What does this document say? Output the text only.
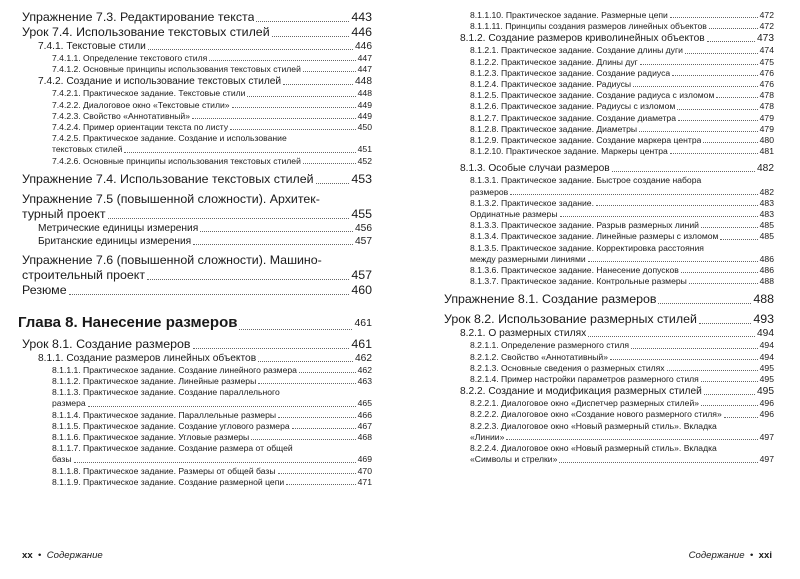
Упражнение 7.3. Редактирование текста	443
Урок 7.4. Использование текстовых стилей	446
7.4.1. Текстовые стили	446
7.4.1.1. Определение текстового стиля	447
7.4.1.2. Основные принципы использования текстовых стилей	447
7.4.2. Создание и использование текстовых стилей	448
7.4.2.1. Практическое задание. Текстовые стили	448
7.4.2.2. Диалоговое окно «Текстовые стили»	449
7.4.2.3. Свойство «Аннотативный»	449
7.4.2.4. Пример ориентации текста по листу	450
7.4.2.5. Практическое задание. Создание и использование
текстовых стилей	451
7.4.2.6. Основные принципы использования текстовых стилей	452
Упражнение 7.4. Использование текстовых стилей	453
Упражнение 7.5 (повышенной сложности). Архитек-
турный проект	455
Метрические единицы измерения	456
Британские единицы измерения	457
Упражнение 7.6 (повышенной сложности). Машино-
строительный проект	457
Резюме	460
Глава 8. Нанесение размеров	461
Урок 8.1. Создание размеров	461
8.1.1. Создание размеров линейных объектов	462
8.1.1.1. Практическое задание. Создание линейного размера	462
8.1.1.2. Практическое задание. Линейные размеры	463
8.1.1.3. Практическое задание. Создание параллельного
размера	465
8.1.1.4. Практическое задание. Параллельные размеры	466
8.1.1.5. Практическое задание. Создание углового размера	467
8.1.1.6. Практическое задание. Угловые размеры	468
8.1.1.7. Практическое задание. Создание размера от общей
базы	469
8.1.1.8. Практическое задание. Размеры от общей базы	470
8.1.1.9. Практическое задание. Создание размерной цепи	471
xx • Содержание
8.1.1.10. Практическое задание. Размерные цепи	472
8.1.1.11. Принципы создания размеров линейных объектов	472
8.1.2. Создание размеров криволинейных объектов	473
8.1.2.1. Практическое задание. Создание длины дуги	474
8.1.2.2. Практическое задание. Длины дуг	475
8.1.2.3. Практическое задание. Создание радиуса	476
8.1.2.4. Практическое задание. Радиусы	476
8.1.2.5. Практическое задание. Создание радиуса с изломом	478
8.1.2.6. Практическое задание. Радиусы с изломом	478
8.1.2.7. Практическое задание. Создание диаметра	479
8.1.2.8. Практическое задание. Диаметры	479
8.1.2.9. Практическое задание. Создание маркера центра	480
8.1.2.10. Практическое задание. Маркеры центра	481
8.1.3. Особые случаи размеров	482
8.1.3.1. Практическое задание. Быстрое создание набора
размеров	482
8.1.3.2. Практическое задание.	483
Ординатные размеры	483
8.1.3.3. Практическое задание. Разрыв размерных линий	485
8.1.3.4. Практическое задание. Линейные размеры с изломом	485
8.1.3.5. Практическое задание. Корректировка расстояния
между размерными линиями	486
8.1.3.6. Практическое задание. Нанесение допусков	486
8.1.3.7. Практическое задание. Контрольные размеры	488
Упражнение 8.1. Создание размеров	488
Урок 8.2. Использование размерных стилей	493
8.2.1. О размерных стилях	494
8.2.1.1. Определение размерного стиля	494
8.2.1.2. Свойство «Аннотативный»	494
8.2.1.3. Основные сведения о размерных стилях	495
8.2.1.4. Пример настройки параметров размерного стиля	495
8.2.2. Создание и модификация размерных стилей	495
8.2.2.1. Диалоговое окно «Диспетчер размерных стилей»	496
8.2.2.2. Диалоговое окно «Создание нового размерного стиля»	496
8.2.2.3. Диалоговое окно «Новый размерный стиль». Вкладка
«Линии»	497
8.2.2.4. Диалоговое окно «Новый размерный стиль». Вкладка
«Символы и стрелки»	497
Содержание • xxi
